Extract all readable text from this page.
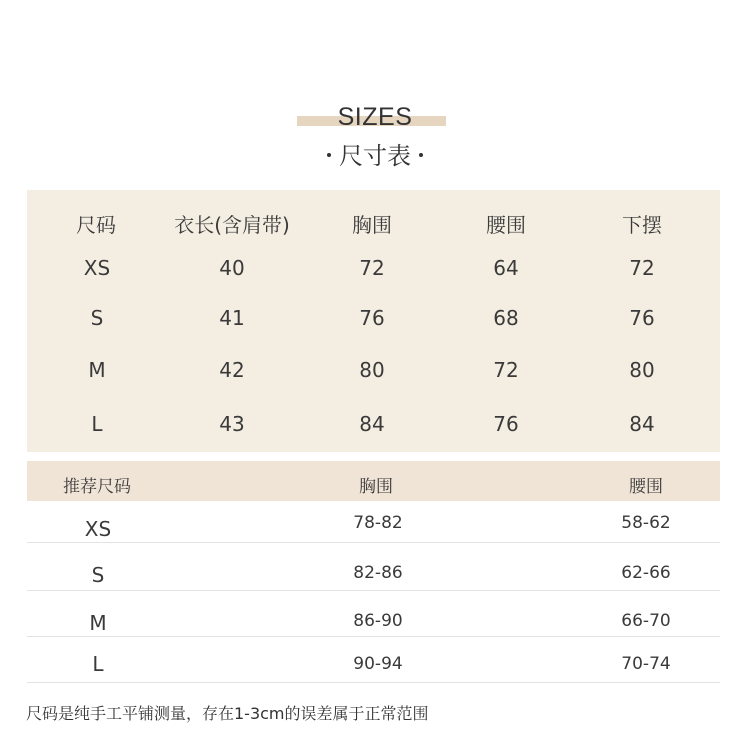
SIZES
尺寸表
尺码	衣长(含肩带)	胸围	腰围	下摆
XS	40	72	64	72
S	41	76	68	76
M	42	80	72	80
L	43	84	76	84
推荐尺码	胸围	腰围
XS	78-82	58-62
S	82-86	62-66
M	86-90	66-70
L	90-94	70-74
尺码是纯手工平铺测量，存在1-3cm的误差属于正常范围
